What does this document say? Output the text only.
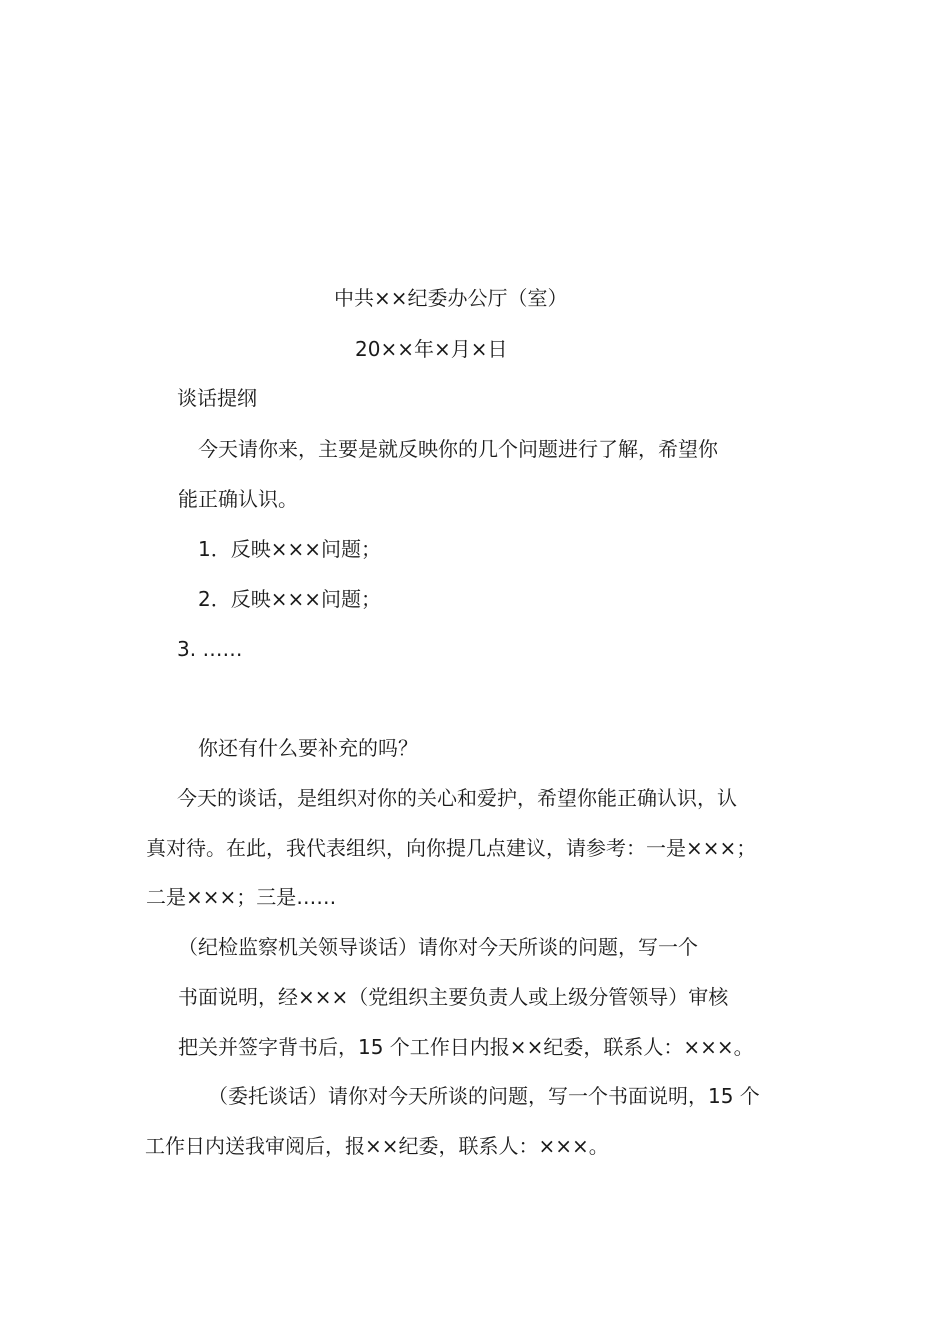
中共××纪委办公厅（室）
20××年×月×日
谈话提纲
今天请你来，主要是就反映你的几个问题进行了解，希望你
能正确认识。
1．反映×××问题；
2．反映×××问题；
3. ……
你还有什么要补充的吗？
今天的谈话，是组织对你的关心和爱护，希望你能正确认识，认
真对待。在此，我代表组织，向你提几点建议，请参考：一是×××；
二是×××；三是……
（纪检监察机关领导谈话）请你对今天所谈的问题，写一个
书面说明，经×××（党组织主要负责人或上级分管领导）审核
把关并签字背书后，15 个工作日内报××纪委，联系人：×××。
（委托谈话）请你对今天所谈的问题，写一个书面说明，15 个
工作日内送我审阅后，报××纪委，联系人：×××。
